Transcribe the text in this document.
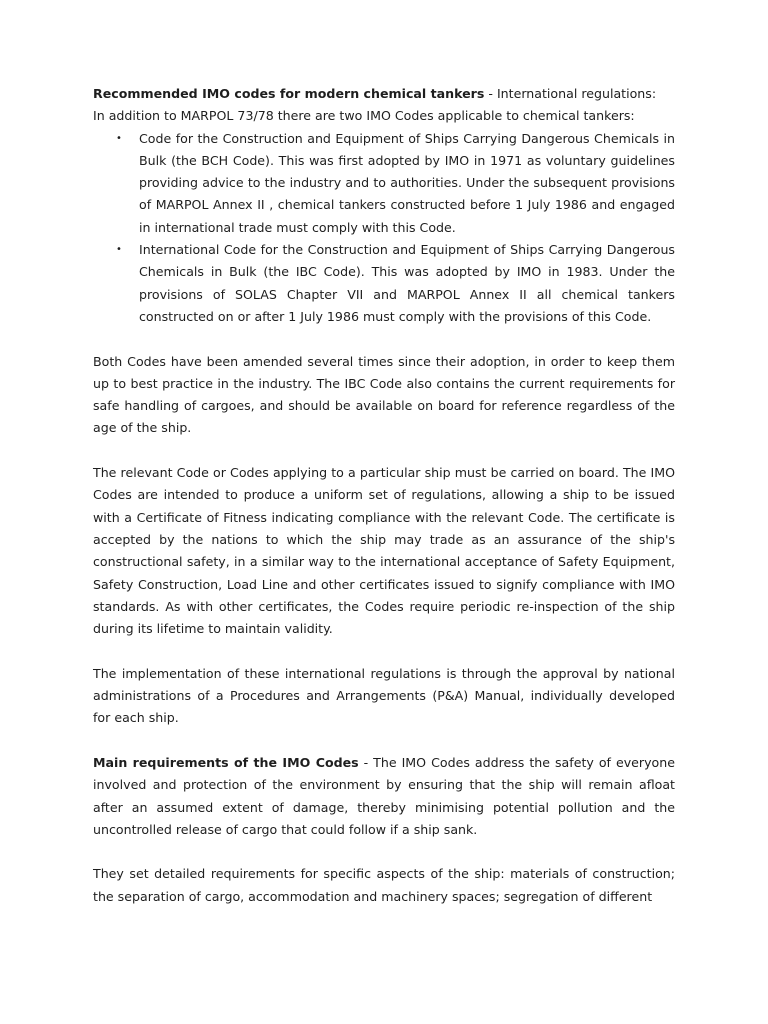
Recommended IMO codes for modern chemical tankers - International regulations:
In addition to MARPOL 73/78 there are two IMO Codes applicable to chemical tankers:

• Code for the Construction and Equipment of Ships Carrying Dangerous Chemicals in Bulk (the BCH Code). This was first adopted by IMO in 1971 as voluntary guidelines providing advice to the industry and to authorities. Under the subsequent provisions of MARPOL Annex II , chemical tankers constructed before 1 July 1986 and engaged in international trade must comply with this Code.
• International Code for the Construction and Equipment of Ships Carrying Dangerous Chemicals in Bulk (the IBC Code). This was adopted by IMO in 1983. Under the provisions of SOLAS Chapter VII and MARPOL Annex II all chemical tankers constructed on or after 1 July 1986 must comply with the provisions of this Code.

Both Codes have been amended several times since their adoption, in order to keep them up to best practice in the industry. The IBC Code also contains the current requirements for safe handling of cargoes, and should be available on board for reference regardless of the age of the ship.

The relevant Code or Codes applying to a particular ship must be carried on board. The IMO Codes are intended to produce a uniform set of regulations, allowing a ship to be issued with a Certificate of Fitness indicating compliance with the relevant Code. The certificate is accepted by the nations to which the ship may trade as an assurance of the ship's constructional safety, in a similar way to the international acceptance of Safety Equipment, Safety Construction, Load Line and other certificates issued to signify compliance with IMO standards. As with other certificates, the Codes require periodic re-inspection of the ship during its lifetime to maintain validity.

The implementation of these international regulations is through the approval by national administrations of a Procedures and Arrangements (P&A) Manual, individually developed for each ship.

Main requirements of the IMO Codes - The IMO Codes address the safety of everyone involved and protection of the environment by ensuring that the ship will remain afloat after an assumed extent of damage, thereby minimising potential pollution and the uncontrolled release of cargo that could follow if a ship sank.

They set detailed requirements for specific aspects of the ship: materials of construction; the separation of cargo, accommodation and machinery spaces; segregation of different
